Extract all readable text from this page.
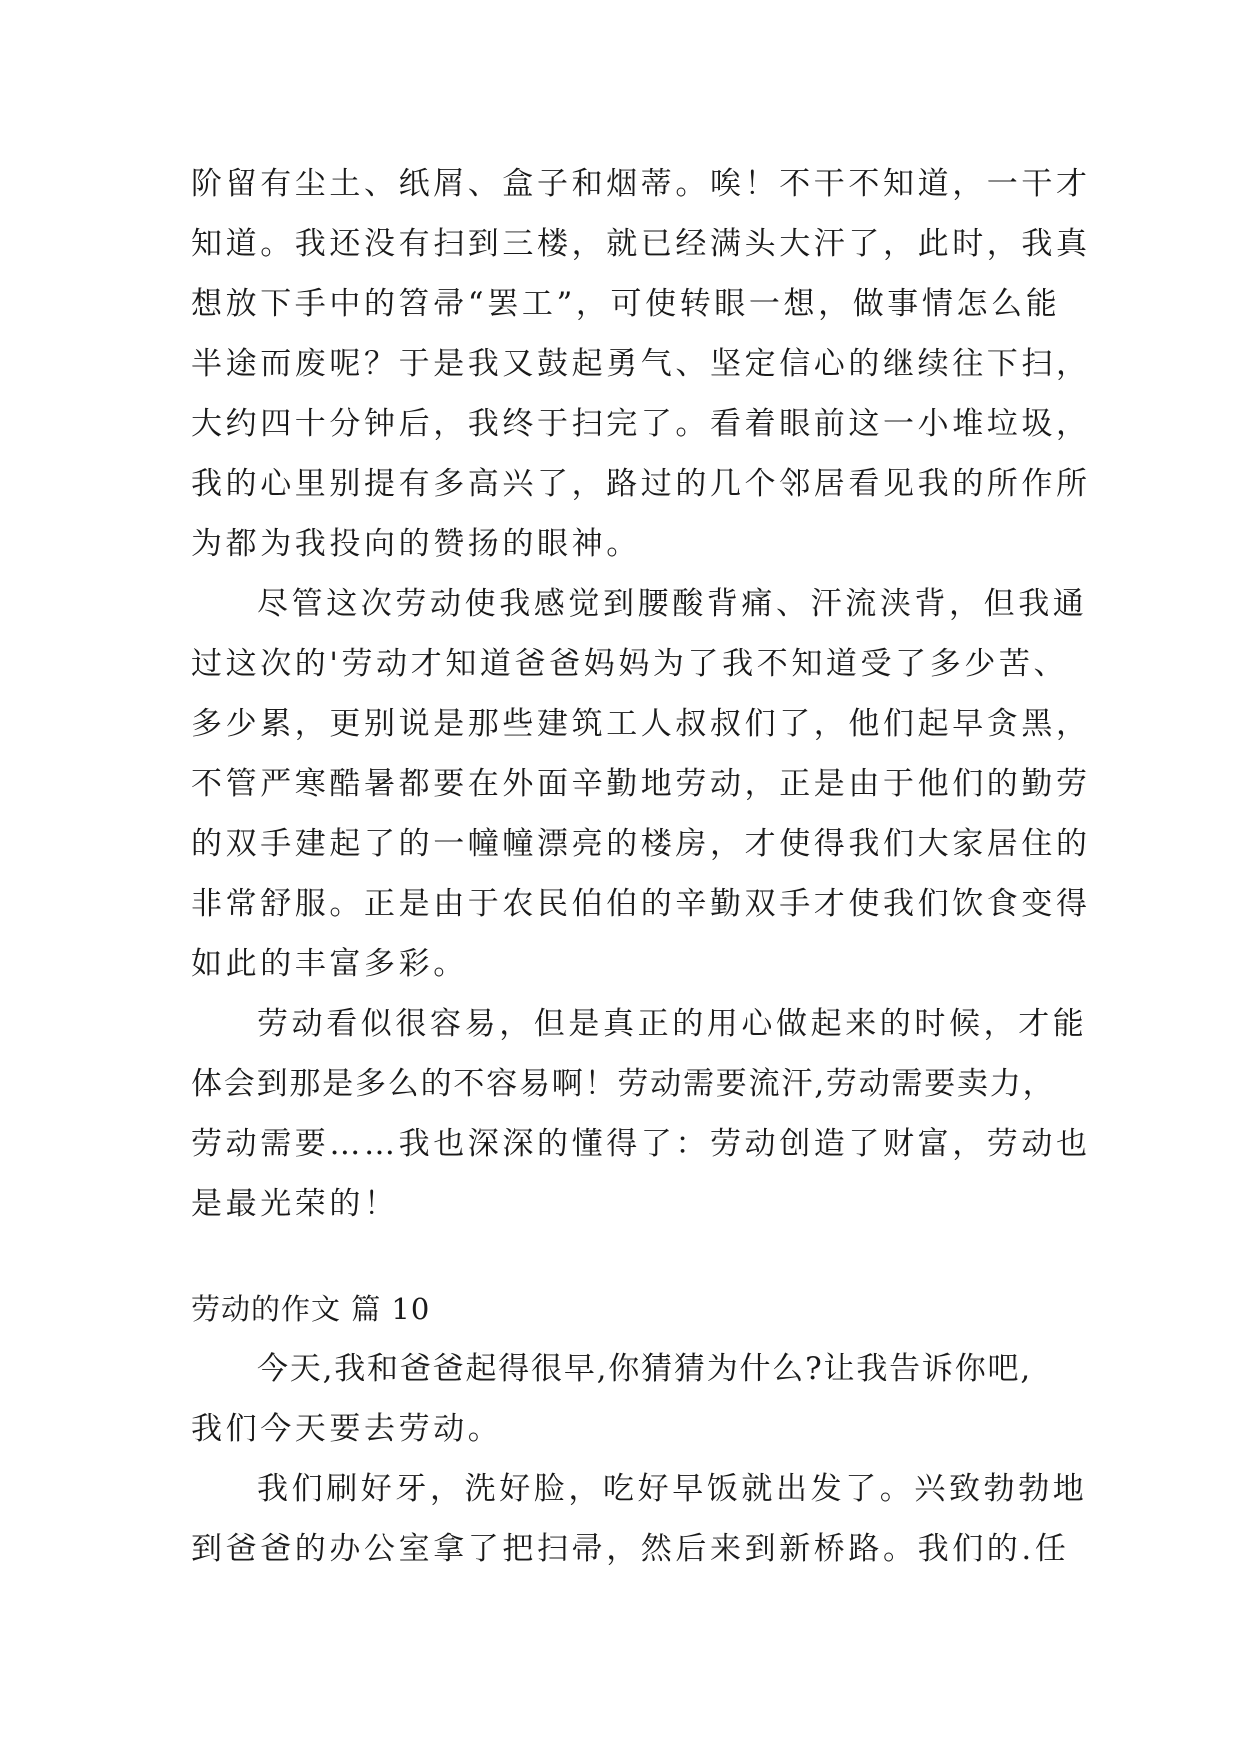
阶留有尘土、纸屑、盒子和烟蒂。唉！不干不知道，一干才
知道。我还没有扫到三楼，就已经满头大汗了，此时，我真
想放下手中的笤帚“罢工”，可使转眼一想，做事情怎么能
半途而废呢？于是我又鼓起勇气、坚定信心的继续往下扫，
大约四十分钟后，我终于扫完了。看着眼前这一小堆垃圾，
我的心里别提有多高兴了，路过的几个邻居看见我的所作所
为都为我投向的赞扬的眼神。
尽管这次劳动使我感觉到腰酸背痛、汗流浃背，但我通
过这次的'劳动才知道爸爸妈妈为了我不知道受了多少苦、
多少累，更别说是那些建筑工人叔叔们了，他们起早贪黑，
不管严寒酷暑都要在外面辛勤地劳动，正是由于他们的勤劳
的双手建起了的一幢幢漂亮的楼房，才使得我们大家居住的
非常舒服。正是由于农民伯伯的辛勤双手才使我们饮食变得
如此的丰富多彩。
劳动看似很容易，但是真正的用心做起来的时候，才能
体会到那是多么的不容易啊！劳动需要流汗,劳动需要卖力，
劳动需要……我也深深的懂得了：劳动创造了财富，劳动也
是最光荣的！
劳动的作文 篇 10
今天,我和爸爸起得很早,你猜猜为什么?让我告诉你吧,
我们今天要去劳动。
我们刷好牙，洗好脸，吃好早饭就出发了。兴致勃勃地
到爸爸的办公室拿了把扫帚，然后来到新桥路。我们的.任
